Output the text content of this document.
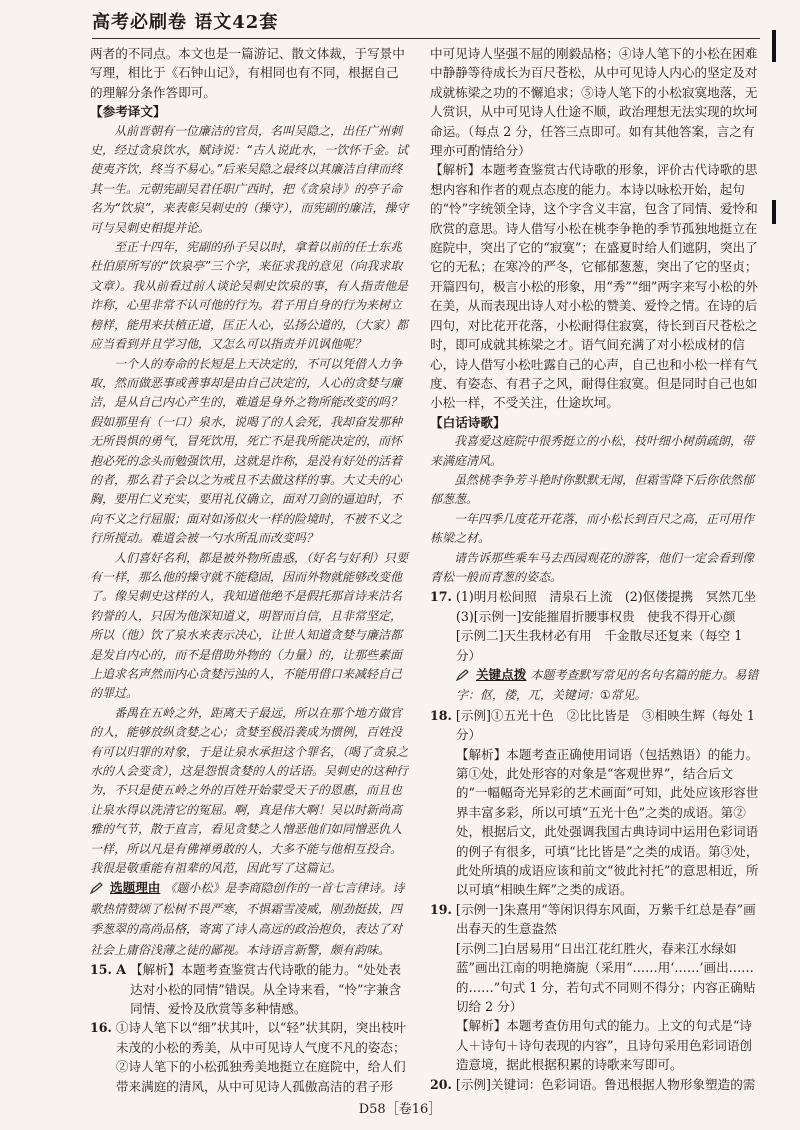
高考必刷卷 语文42套

两者的不同点。本文也是一篇游记、散文体裁，于写景中写理，相比于《石钟山记》，有相同也有不同，根据自己的理解分条作答即可。

【参考译文】

从前晋朝有一位廉洁的官员，名叫吴隐之，出任广州刺史，经过贪泉饮水，赋诗说：“古人说此水，一饮怀千金。试使夷齐饮，终当不易心。”后来吴隐之最终以其廉洁自律而终其一生。元朝宪副吴君任职广西时，把《贪泉诗》的亭子命名为“饮泉”，来表彰吴刺史的（操守），而宪副的廉洁，操守可与吴刺史相提并论。

至正十四年，宪副的孙子吴以时，拿着以前的任士东兆杜伯原所写的“饮泉亭”三个字，来征求我的意见（向我求取文章）。我从前看过前人谈论吴刺史饮泉的事，有人指责他是诈称，心里非常不认可他的行为。君子用自身的行为来树立榜样，能用来扶植正道，匡正人心，弘扬公道的，（大家）都应当看到并且学习他，又怎么可以指责并讥讽他呢？

一个人的寿命的长短是上天决定的，不可以凭借人力争取，然而做恶事或善事却是由自己决定的，人心的贪婪与廉洁，是从自己内心产生的，难道是身外之物所能改变的吗？假如那里有（一口）泉水，说喝了的人会死，我却奋发那种无所畏惧的勇气，冒死饮用，死亡不是我所能决定的，而怀抱必死的念头而勉强饮用，这就是诈称，是没有好处的活着的者，那么君子会以之为戒且不去做这样的事。大丈夫的心胸，要用仁义充实，要用礼仪确立，面对刀剑的逼迫时，不向不义之行屈服；面对如汤似火一样的险境时，不被不义之行所搅动。难道会被一勺水所乱而改变吗？

人们喜好名利，都是被外物所蛊惑，（好名与好利）只要有一样，那么他的操守就不能稳固，因而外物就能够改变他了。像吴刺史这样的人，我知道他绝不是假托那首诗来沽名钓誉的人，只因为他深知道义，明智而自信，且非常坚定，所以（他）饮了泉水来表示决心，让世人知道贪婪与廉洁都是发自内心的，而不是借助外物的（力量）的，让那些素面上追求名声然而内心贪婪污浊的人，不能用借口来减轻自己的罪过。

番禺在五岭之外，距离天子最远，所以在那个地方做官的人，能够放纵贪婪之心；贪婪至极沿袭成为惯例，百姓没有可以归罪的对象，于是让泉水承担这个罪名，（喝了贪泉之水的人会变贪），这是怨恨贪婪的人的话语。吴刺史的这种行为，不只是使五岭之外的百姓开始蒙受天子的恩惠，而且也让泉水得以洗清它的冤屈。啊，真是伟大啊！吴以时新尚高雅的气节，散于直言，看见贪婪之人憎恶他们如同憎恶仇人一样，所以凡是有佛禅勇敢的人，大多不能与他相互投合。我很是敬重能有祖辈的风范，因此写了这篇记。

选题理由 《题小松》是李商隐创作的一首七言律诗。诗歌热情赞颂了松树不畏严寒，不惧霜雪凌威，刚劲挺拔，四季葱翠的高尚品格，寄寓了诗人高远的政治抱负，表达了对社会上庸俗浅薄之徒的鄙视。本诗语言新警，颇有韵味。

15. A 【解析】本题考查鉴赏古代诗歌的能力。“处处表达对小松的同情”错误。从全诗来看，“怜”字兼含同情、爱怜及欣赏等多种情感。
16. ①诗人笔下以“细”状其叶，以“轻”状其阴，突出枝叶未茂的小松的秀美，从中可见诗人气度不凡的姿态；②诗人笔下的小松孤独秀美地挺立在庭院中，给人们带来满庭的清风，从中可见诗人孤傲高洁的君子形

中可见诗人坚强不屈的刚毅品格；④诗人笔下的小松在困难中静静等待成长为百尺苍松，从中可见诗人内心的坚定及对成就栋梁之功的不懈追求；⑤诗人笔下的小松寂寞地落，无人赏识，从中可见诗人仕途不顺，政治理想无法实现的坎坷命运。（每点 2 分，任答三点即可。如有其他答案，言之有理亦可酌情给分）

【解析】本题考查鉴赏古代诗歌的形象，评价古代诗歌的思想内容和作者的观点态度的能力。本诗以咏松开始，起句的“怜”字统领全诗，这个字含义丰富，包含了同情、爱怜和欣赏的意思。诗人借写小松在桃李争艳的季节孤独地挺立在庭院中，突出了它的“寂寞”；在盛夏时给人们遮阴，突出了它的无私；在寒冷的严冬，它郁郁葱葱，突出了它的坚贞；开篇四句，极言小松的形象，用“秀”“细”两字来写小松的外在美，从而表现出诗人对小松的赞美、爱怜之情。在诗的后四句，对比花开花落，小松耐得住寂寞，待长到百尺苍松之时，即可成就其栋梁之才。语气间充满了对小松成材的信心，诗人借写小松吐露自己的心声，自己也和小松一样有气度、有姿态、有君子之风，耐得住寂寞。但是同时自己也如小松一样，不受关注，仕途坎坷。

【白话诗歌】

我喜爱这庭院中很秀挺立的小松，枝叶细小树荫疏朗，带来满庭清风。

虽然桃李争芳斗艳时你默默无闻，但霜雪降下后你依然郁郁葱葱。

一年四季几度花开花落，而小松长到百尺之高，正可用作栋梁之材。

请告诉那些乘车马去西园观花的游客，他们一定会看到像青松一般而青葱的姿态。

17. (1)明月松间照　清泉石上流　(2)伛偻提携　冥然兀坐

(3)[示例一]安能摧眉折腰事权贵　使我不得开心颜　[示例二]天生我材必有用　千金散尽还复来（每空 1 分）

关键点拨 本题考查默写常见的名句名篇的能力。易错字：伛，偻，兀，关键词：①常见。

18. [示例]①五光十色　②比比皆是　③相映生辉（每处 1 分）

【解析】本题考查正确使用词语（包括熟语）的能力。第①处，此处形容的对象是“客观世界”，结合后文的“一幅幅奇光异彩的艺术画面”可知，此处应该形容世界丰富多彩，所以可填“五光十色”之类的成语。第②处，根据后文，此处强调我国古典诗词中运用色彩词语的例子有很多，可填“比比皆是”之类的成语。第③处，此处所填的成语应该和前文“彼此衬托”的意思相近，所以可填“相映生辉”之类的成语。

19. [示例一]朱熹用“等闲识得东风面，万紫千红总是春”画出春天的生意盎然

[示例二]白居易用“日出江花红胜火，春来江水绿如蓝”画出江南的明艳旖旎（采用“……用‘……’画出……的……”句式 1 分，若句式不同则不得分；内容正确贴切给 2 分）

【解析】本题考查仿用句式的能力。上文的句式是“诗人＋诗句＋诗句表现的内容”，且诗句采用色彩词语创造意境，据此根据积累的诗歌来写即可。

20. [示例]关键词：色彩词语。鲁迅根据人物形象塑造的需
D58［卷16］
